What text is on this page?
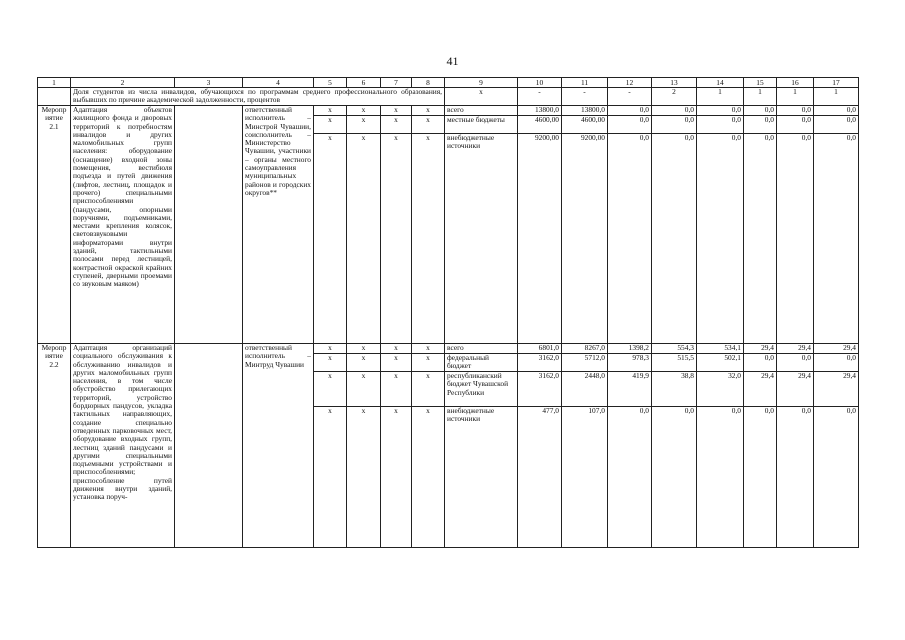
41
1	2	3	4	5	6	7	8	9	10	11	12	13	14	15	16	17
	Доля студентов из числа инвалидов, обучающихся по программам среднего профессионального образования, выбывших по причине академической задолженности, процентов							x	-	-	-	2	1	1	1	1
Мероприятие 2.1	Адаптация объектов жилищного фонда и дворовых территорий к потребностям инвалидов и других маломобильных групп населения: оборудование (оснащение) входной зоны помещения, вестибюля подъезда и путей движения (лифтов, лестниц, площадок и прочего) специальными приспособлениями (пандусами, опорными поручнями, подъемниками, местами крепления колясок, световзвуковыми информаторами внутри зданий, тактильными полосами перед лестницей, контрастной окраской крайних ступеней, дверными проемами со звуковым маяком)		ответственный исполнитель – Минстрой Чувашии, соисполнитель – Министерство Чувашии, участники – органы местного самоуправления муниципальных районов и городских округов**	x	x	x	x	всего	13800,0	13800,0	0,0	0,0	0,0	0,0	0,0	0,0
				x	x	x	x	местные бюджеты	4600,00	4600,00	0,0	0,0	0,0	0,0	0,0	0,0
				x	x	x	x	внебюджетные источники	9200,00	9200,00	0,0	0,0	0,0	0,0	0,0	0,0
Мероприятие 2.2	Адаптация организаций социального обслуживания к обслуживанию инвалидов и других маломобильных групп населения, в том числе обустройство прилегающих территорий, устройство бордюрных пандусов, укладка тактильных направляющих, создание специально отведенных парковочных мест, оборудование входных групп, лестниц зданий пандусами и другими специальными подъемными устройствами и приспособлениями; приспособление путей движения внутри зданий, установка поруч-		ответственный исполнитель – Минтруд Чувашии	x	x	x	x	всего	6801,0	8267,0	1398,2	554,3	534,1	29,4	29,4	29,4
				x	x	x	x	федеральный бюджет	3162,0	5712,0	978,3	515,5	502,1	0,0	0,0	0,0
				x	x	x	x	республиканский бюджет Чувашской Республики	3162,0	2448,0	419,9	38,8	32,0	29,4	29,4	29,4
				x	x	x	x	внебюджетные источники	477,0	107,0	0,0	0,0	0,0	0,0	0,0	0,0
